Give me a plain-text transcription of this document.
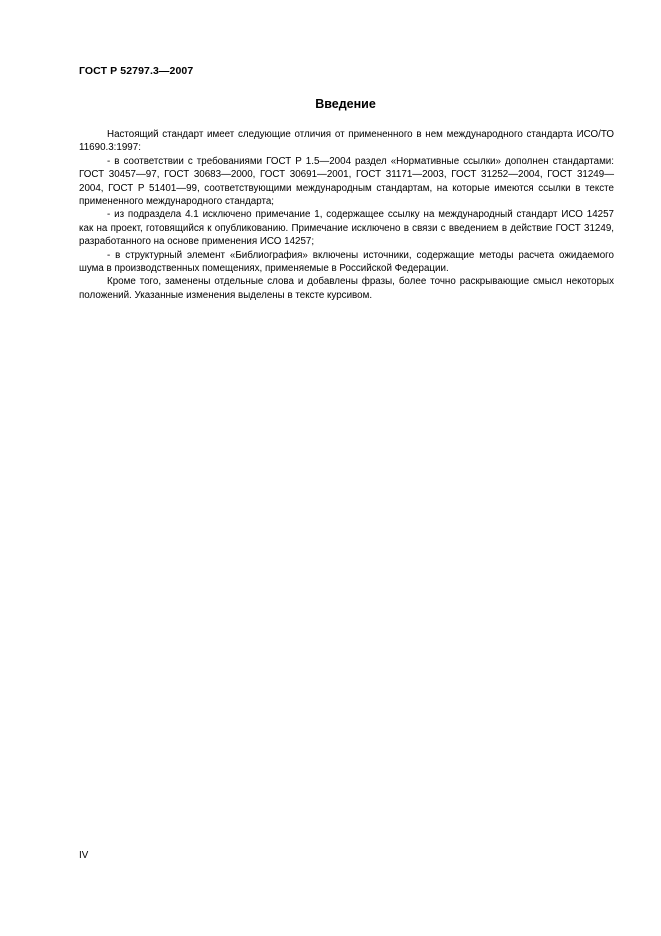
ГОСТ Р 52797.3—2007
Введение

Настоящий стандарт имеет следующие отличия от примененного в нем международного стандарта ИСО/ТО 11690.3:1997:

- в соответствии с требованиями ГОСТ Р 1.5—2004 раздел «Нормативные ссылки» дополнен стандартами: ГОСТ 30457—97, ГОСТ 30683—2000, ГОСТ 30691—2001, ГОСТ 31171—2003, ГОСТ 31252—2004, ГОСТ 31249—2004, ГОСТ Р 51401—99, соответствующими международным стандартам, на которые имеются ссылки в тексте примененного международного стандарта;

- из подраздела 4.1 исключено примечание 1, содержащее ссылку на международный стандарт ИСО 14257 как на проект, готовящийся к опубликованию. Примечание исключено в связи с введением в действие ГОСТ 31249, разработанного на основе применения ИСО 14257;

- в структурный элемент «Библиография» включены источники, содержащие методы расчета ожидаемого шума в производственных помещениях, применяемые в Российской Федерации.

Кроме того, заменены отдельные слова и добавлены фразы, более точно раскрывающие смысл некоторых положений. Указанные изменения выделены в тексте курсивом.

IV
